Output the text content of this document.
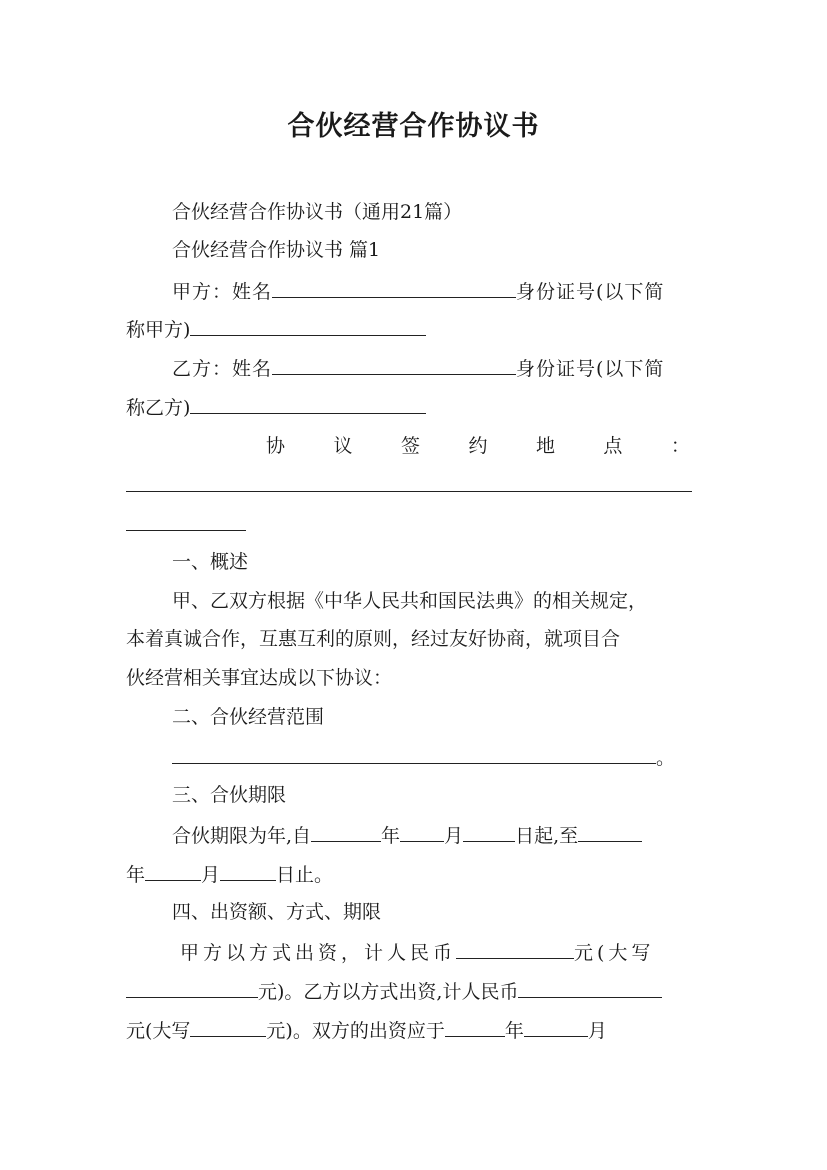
合伙经营合作协议书
合伙经营合作协议书（通用21篇）
合伙经营合作协议书 篇1
甲方：姓名	身份证号(以下简
称甲方)
乙方：姓名	身份证号(以下简
称乙方)
协	议	签	约	地	点	：
一、概述
甲、乙双方根据《中华人民共和国民法典》的相关规定，
本着真诚合作，互惠互利的原则，经过友好协商，就项目合
伙经营相关事宜达成以下协议：
二、合伙经营范围
。
三、合伙期限
合伙期限为年,自	年 月	日起,至
年	月	日止。
四、出资额、方式、期限
甲方以方式出资，计人民币	元(大写
元)。乙方以方式出资,计人民币
元(大写	元)。双方的出资应于	年	月
